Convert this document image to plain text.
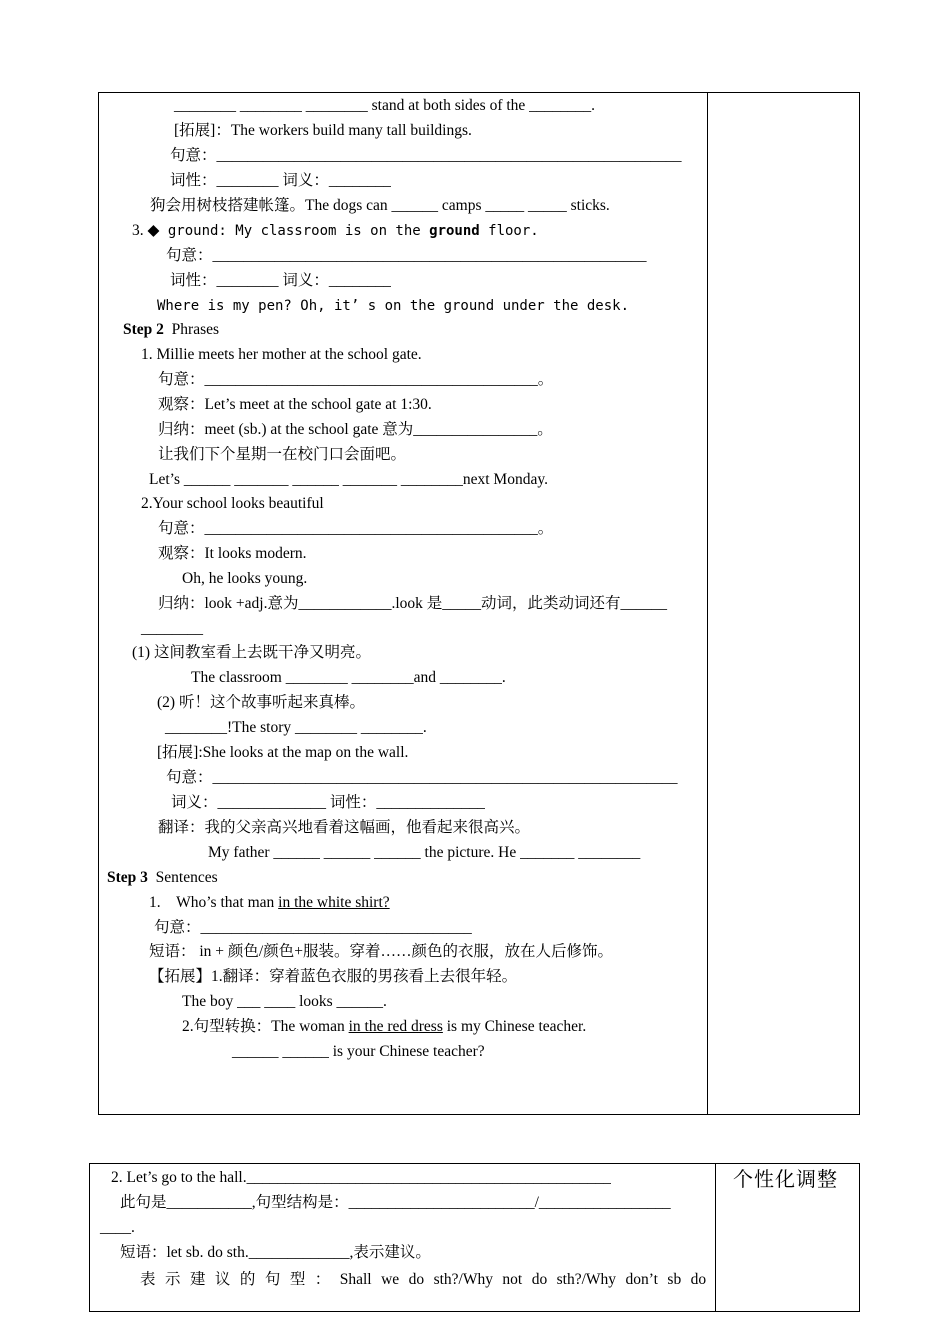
________ ________ ________ stand at both sides of the ________.
[拓展]：The workers build many tall buildings.
句意：____________________________________________________________
词性：________ 词义：________
狗会用树枝搭建帐篷。The dogs can ______ camps _____ _____ sticks.
3. ◆ ground: My classroom is on the ground floor.
句意：________________________________________________________
词性：________ 词义：________
Where is my pen? Oh, it’ s on the ground under the desk.
Step 2 Phrases
1. Millie meets her mother at the school gate.
句意：___________________________________________。
观察：Let’s meet at the school gate at 1:30.
归纳：meet (sb.) at the school gate 意为________________。
让我们下个星期一在校门口会面吧。
Let’s ______ _______ ______ _______ ________next Monday.
2.Your school looks beautiful
句意：___________________________________________。
观察：It looks modern.
Oh, he looks young.
归纳：look +adj.意为____________.look 是_____动词，此类动词还有______
________
(1) 这间教室看上去既干净又明亮。
The classroom ________ ________and ________.
(2) 听！这个故事听起来真棒。
________!The story ________ ________.
[拓展]:She looks at the map on the wall.
句意：____________________________________________________________
词义：______________ 词性：______________
翻译：我的父亲高兴地看着这幅画，他看起来很高兴。
My father ______ ______ ______ the picture. He _______ ________
Step 3 Sentences
1. Who’s that man in the white shirt?
句意：___________________________________
短语： in + 颜色/颜色+服装。穿着……颜色的衣服，放在人后修饰。
【拓展】1.翻译：穿着蓝色衣服的男孩看上去很年轻。
The boy ___ ____ looks ______.
2.句型转换：The woman in the red dress is my Chinese teacher.
______ ______ is your Chinese teacher?
个性化调整
2. Let’s go to the hall._______________________________________________
此句是___________,句型结构是：________________________/_________________
____.
短语：let sb. do sth._____________,表示建议。
表 示 建 议 的 句 型 ： Shall we do sth?/Why not do sth?/Why don’t sb do
